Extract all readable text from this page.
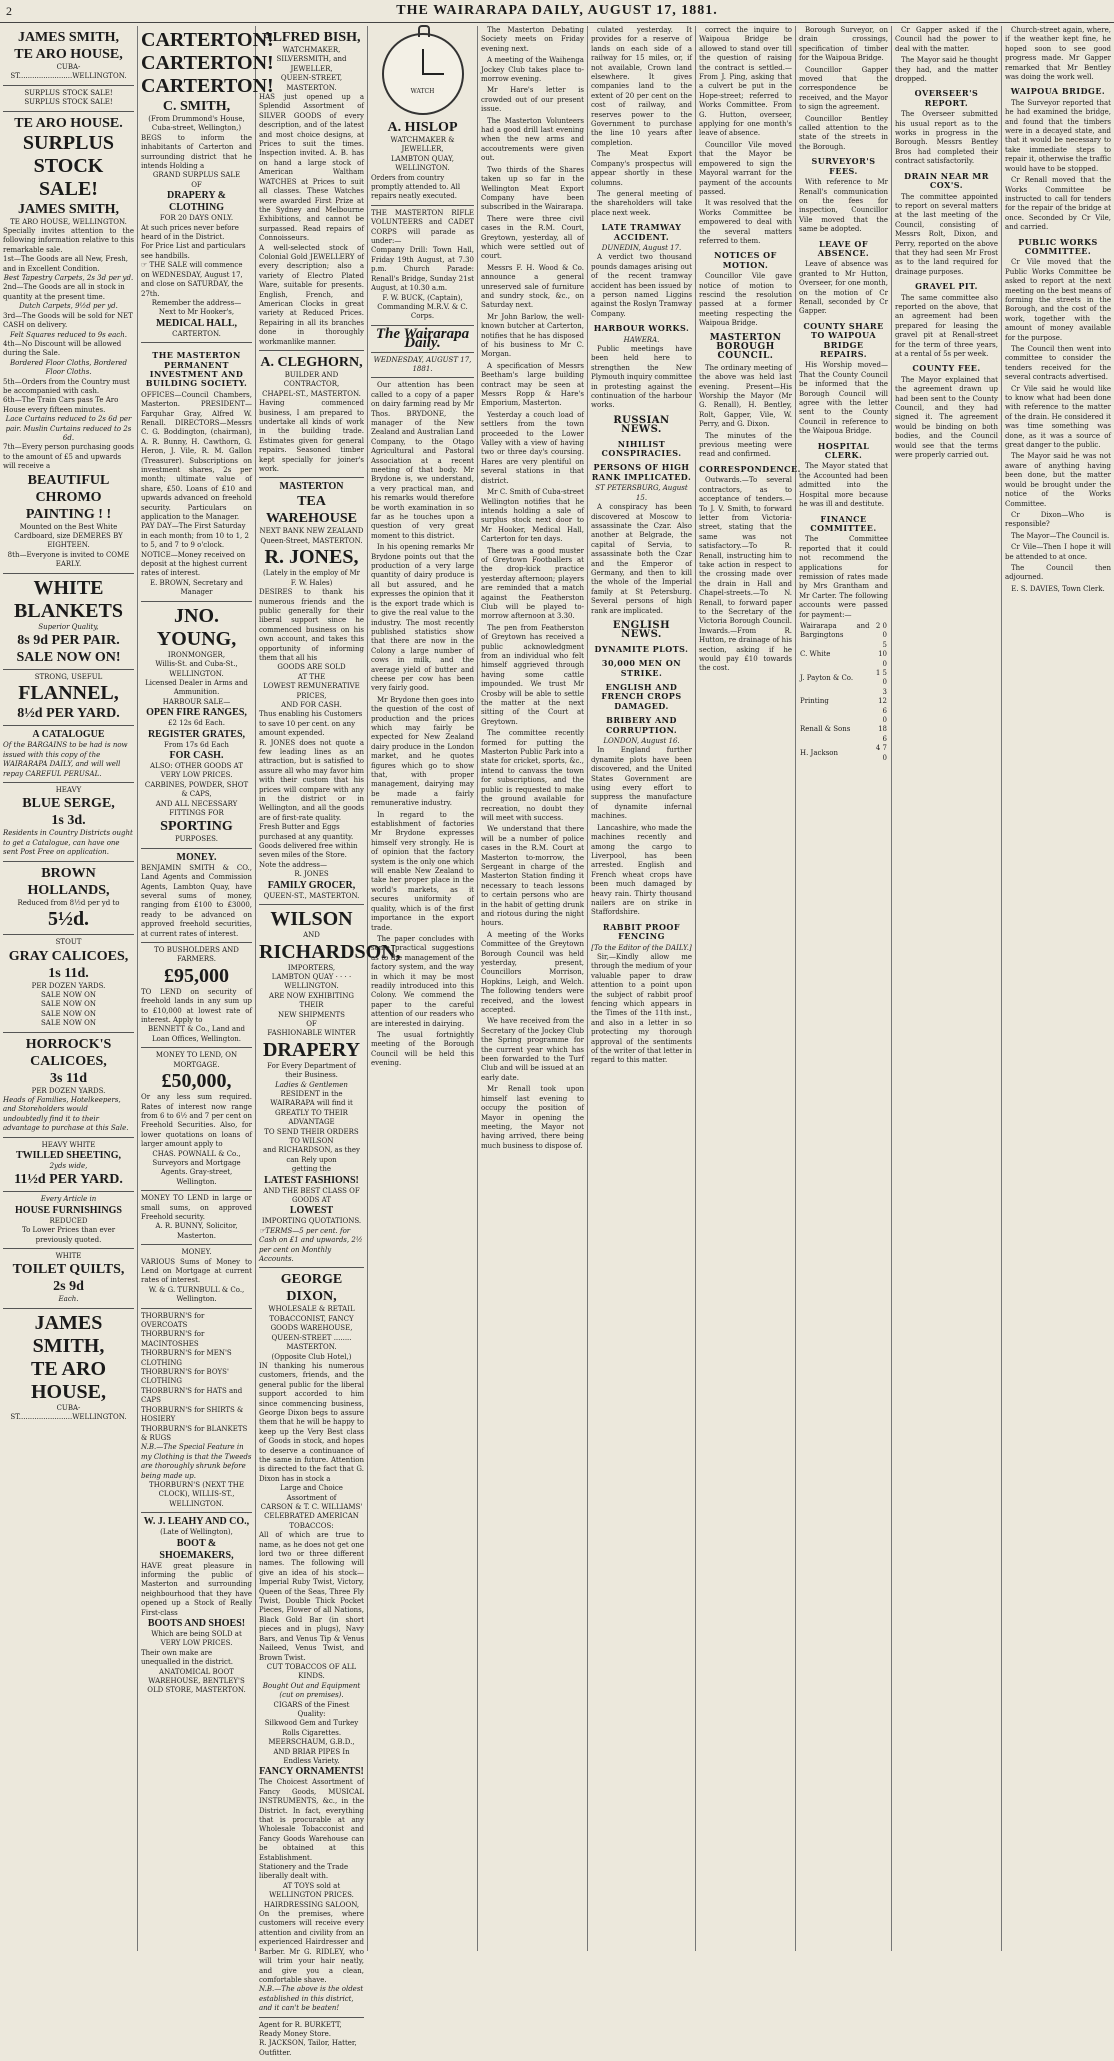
2	THE WAIRARAPA DAILY, AUGUST 17, 1881.
JAMES SMITH,
TE ARO HOUSE,
CUBA-ST........................WELLINGTON.
SURPLUS STOCK SALE!
SURPLUS STOCK SALE!
TE ARO HOUSE.
SURPLUS STOCK SALE!
JAMES SMITH,
TE ARO HOUSE, WELLINGTON.
Specially invites attention to the following information relative to this remarkable sale.
1st—The Goods are all New, Fresh, and in Excellent Condition.
Best Tapestry Carpets, 2s 3d per yd.
2nd—The Goods are all in stock in quantity at the present time.
Dutch Carpets, 9½d per yd.
3rd—The Goods will be sold for NET CASH on delivery.
Felt Squares reduced to 9s each.
4th—No Discount will be allowed during the Sale.
Bordered Floor Cloths, Bordered Floor Cloths.
5th—Orders from the Country must be accompanied with cash.
6th—The Train Cars pass Te Aro House every fifteen minutes.
Lace Curtains reduced to 2s 6d per pair. Muslin Curtains reduced to 2s 6d.
7th—Every person purchasing goods to the amount of £5 and upwards will receive a
BEAUTIFUL
CHROMO PAINTING ! !
Mounted on the Best White Cardboard, size DEMERES BY EIGHTEEN.
8th—Everyone is invited to COME EARLY.
WHITE BLANKETS
Superior Quality,
8s 9d PER PAIR.
SALE NOW ON!
STRONG, USEFUL
FLANNEL,
8½d PER YARD.
A CATALOGUE
Of the BARGAINS to be had is now issued with this copy of the WAIRARAPA DAILY, and will well repay CAREFUL PERUSAL.
HEAVY
BLUE SERGE,
1s 3d.
Residents in Country Districts ought to get a Catalogue, can have one sent Post Free on application.
BROWN HOLLANDS,
Reduced from 8½d per yd to
5½d.
STOUT
GRAY CALICOES,
1s 11d.
PER DOZEN YARDS.
SALE NOW ON
SALE NOW ON
SALE NOW ON
SALE NOW ON
HORROCK'S CALICOES,
3s 11d
PER DOZEN YARDS.
Heads of Families, Hotelkeepers, and Storeholders would undoubtedly find it to their advantage to purchase at this Sale.
HEAVY WHITE
TWILLED SHEETING,
2yds wide,
11½d PER YARD.
Every Article in
HOUSE FURNISHINGS
REDUCED
To Lower Prices than ever previously quoted.
WHITE
TOILET QUILTS,
2s 9d
Each.
JAMES SMITH,
TE ARO HOUSE,
CUBA-ST........................WELLINGTON.
CARTERTON!
CARTERTON!
CARTERTON!
C. SMITH,
(From Drummond's House, Cuba-street, Wellington,)
BEGS to inform the inhabitants of Carterton and surrounding district that he intends Holding a
GRAND SURPLUS SALE
OF
DRAPERY & CLOTHING
FOR 20 DAYS ONLY.
At such prices never before heard of in the District.
For Price List and particulars see handbills.
☞ THE SALE will commence on WEDNESDAY, August 17, and close on SATURDAY, the 27th.
Remember the address—
Next to Mr Hooker's,
MEDICAL HALL,
CARTERTON.
THE MASTERTON PERMANENT INVESTMENT AND BUILDING SOCIETY.
OFFICES—Council Chambers, Masterton. PRESIDENT—Farquhar Gray, Alfred W. Renall. DIRECTORS—Messrs C. G. Boddington, (chairman), A. R. Bunny, H. Cawthorn, G. Heron, J. Vile, R. M. Gallon (Treasurer). Subscriptions on investment shares, 2s per month; ultimate value of share, £50. Loans of £10 and upwards advanced on freehold security. Particulars on application to the Manager.
PAY DAY—The First Saturday in each month; from 10 to 1, 2 to 5, and 7 to 9 o'clock.
NOTICE—Money received on deposit at the highest current rates of interest.
E. BROWN, Secretary and Manager
JNO. YOUNG,
IRONMONGER,
Willis-St. and Cuba-St., WELLINGTON.
Licensed Dealer in Arms and Ammunition.
HARBOUR SALE—
OPEN FIRE RANGES,
£2 12s 6d Each.
REGISTER GRATES,
From 17s 6d Each
FOR CASH.
ALSO: OTHER GOODS AT VERY LOW PRICES.
CARBINES, POWDER, SHOT & CAPS,
AND ALL NECESSARY FITTINGS FOR
SPORTING
PURPOSES.
MONEY.
BENJAMIN SMITH & CO., Land Agents and Commission Agents, Lambton Quay, have several sums of money, ranging from £100 to £3000, ready to be advanced on approved freehold securities, at current rates of interest.
TO BUSHOLDERS AND FARMERS.
£95,000
TO LEND on security of freehold lands in any sum up to £10,000 at lowest rate of interest. Apply to
BENNETT & Co., Land and Loan Offices, Wellington.
MONEY TO LEND, ON MORTGAGE.
£50,000,
Or any less sum required. Rates of interest now range from 6 to 6½ and 7 per cent on Freehold Securities. Also, for lower quotations on loans of larger amount apply to
CHAS. POWNALL & Co., Surveyors and Mortgage Agents. Gray-street, Wellington.
MONEY TO LEND in large or small sums, on approved Freehold security.
A. R. BUNNY, Solicitor, Masterton.
MONEY.
VARIOUS Sums of Money to Lend on Mortgage at current rates of interest.
W. & G. TURNBULL & Co., Wellington.
THORBURN'S for OVERCOATS
THORBURN'S for MACINTOSHES
THORBURN'S for MEN'S CLOTHING
THORBURN'S for BOYS' CLOTHING
THORBURN'S for HATS and CAPS
THORBURN'S for SHIRTS & HOSIERY
THORBURN'S for BLANKETS & RUGS
N.B.—The Special Feature in my Clothing is that the Tweeds are thoroughly shrunk before being made up.
THORBURN'S (NEXT THE CLOCK), WILLIS-ST., WELLINGTON.
W. J. LEAHY AND CO.,
(Late of Wellington),
BOOT & SHOEMAKERS,
HAVE great pleasure in informing the public of Masterton and surrounding neighbourhood that they have opened up a Stock of Really First-class
BOOTS AND SHOES!
Which are being SOLD at VERY LOW PRICES.
Their own make are unequalled in the district.
ANATOMICAL BOOT WAREHOUSE, BENTLEY'S OLD STORE, MASTERTON.
ALFRED BISH,
WATCHMAKER,
SILVERSMITH, and
JEWELLER,
QUEEN-STREET, MASTERTON.
HAS just opened up a Splendid Assortment of SILVER GOODS of every description, and of the latest and most choice designs, at Prices to suit the times. Inspection invited. A. B. has on hand a large stock of American Waltham WATCHES at Prices to suit all classes. These Watches were awarded First Prize at the Sydney and Melbourne Exhibitions, and cannot be surpassed. Read repairs of Connoisseurs.
A well-selected stock of Colonial Gold JEWELLERY of every description; also a variety of Electro Plated Ware, suitable for presents. English, French, and American Clocks in great variety at Reduced Prices. Repairing in all its branches done in thoroughly workmanlike manner.
A. CLEGHORN,
BUILDER AND CONTRACTOR,
CHAPEL-ST., MASTERTON.
Having commenced business, I am prepared to undertake all kinds of work in the building trade. Estimates given for general repairs. Seasoned timber kept specially for joiner's work.
MASTERTON
TEA WAREHOUSE
NEXT BANK NEW ZEALAND Queen-Street, MASTERTON.
R. JONES,
(Lately in the employ of Mr F. W. Hales)
DESIRES to thank his numerous friends and the public generally for their liberal support since he commenced business on his own account, and takes this opportunity of informing them that all his
GOODS ARE SOLD
AT THE
LOWEST REMUNERATIVE PRICES,
AND FOR CASH.
Thus enabling his Customers to save 10 per cent. on any amount expended.
R. JONES does not quote a few leading lines as an attraction, but is satisfied to assure all who may favor him with their custom that his prices will compare with any in the district or in Wellington, and all the goods are of first-rate quality.
Fresh Butter and Eggs purchased at any quantity.
Goods delivered free within seven miles of the Store.
Note the address—
R. JONES
FAMILY GROCER,
QUEEN-ST., MASTERTON.
WILSON
AND
RICHARDSON,
IMPORTERS,
LAMBTON QUAY · · · · WELLINGTON.
ARE NOW EXHIBITING THEIR
NEW SHIPMENTS
OF
FASHIONABLE WINTER
DRAPERY
For Every Department of their Business.
Ladies & Gentlemen
RESIDENT in the WAIRARAPA will find it
GREATLY TO THEIR ADVANTAGE
TO SEND THEIR ORDERS TO WILSON
and RICHARDSON, as they can Rely upon
getting the
LATEST FASHIONS!
AND THE BEST CLASS OF GOODS AT
LOWEST
IMPORTING QUOTATIONS.
☞TERMS—5 per cent. for Cash on £1 and upwards, 2½ per cent on Monthly Accounts.
GEORGE DIXON,
WHOLESALE & RETAIL TOBACCONIST, FANCY GOODS WAREHOUSE,
QUEEN-STREET ........ MASTERTON.
(Opposite Club Hotel,)
IN thanking his numerous customers, friends, and the general public for the liberal support accorded to him since commencing business, George Dixon begs to assure them that he will be happy to keep up the Very Best class of Goods in stock, and hopes to deserve a continuance of the same in future. Attention is directed to the fact that G. Dixon has in stock a
Large and Choice Assortment of
CARSON & T. C. WILLIAMS'
CELEBRATED AMERICAN TOBACCOS:
All of which are true to name, as he does not get one lord two or three different names. The following will give an idea of his stock—Imperial Ruby Twist, Victory, Queen of the Seas, Three Fly Twist, Double Thick Pocket Pieces, Flower of all Nations, Black Gold Bar (in short pieces and in plugs), Navy Bars, and Venus Tip & Venus Naileed, Venus Twist, and Brown Twist.
CUT TOBACCOS OF ALL KINDS.
Bought Out and Equipment (cut on premises).
CIGARS of the Finest Quality:
Silkwood Gem and Turkey Rolls Cigarettes.
MEERSCHAUM, G.B.D., AND BRIAR PIPES In Endless Variety.
FANCY ORNAMENTS!
The Choicest Assortment of Fancy Goods, MUSICAL INSTRUMENTS, &c., in the District. In fact, everything that is procurable at any Wholesale Tobacconist and Fancy Goods Warehouse can be obtained at this Establishment.
Stationery and the Trade liberally dealt with.
AT TOYS sold at WELLINGTON PRICES.
HAIRDRESSING SALOON,
On the premises, where customers will receive every attention and civility from an experienced Hairdresser and Barber. Mr G. RIDLEY, who will trim your hair neatly, and give you a clean, comfortable shave.
N.B.—The above is the oldest established in this district, and it can't be beaten!
Agent for R. BURKETT, Ready Money Store.
R. JACKSON, Tailor, Hatter, Outfitter.
WATCH
A. HISLOP
WATCHMAKER & JEWELLER,
LAMBTON QUAY, WELLINGTON.
Orders from country promptly attended to. All repairs neatly executed.
THE MASTERTON RIFLE VOLUNTEERS and CADET CORPS will parade as under:—
Company Drill: Town Hall, Friday 19th August, at 7.30 p.m. Church Parade: Renall's Bridge, Sunday 21st August, at 10.30 a.m.
F. W. BUCK, (Captain), Commanding M.R.V. & C. Corps.
The Wairarapa Daily.
WEDNESDAY, AUGUST 17, 1881.

Our attention has been called to a copy of a paper on dairy farming read by Mr Thos. BRYDONE, the manager of the New Zealand and Australian Land Company, to the Otago Agricultural and Pastoral Association at a recent meeting of that body. Mr Brydone is, we understand, a very practical man, and his remarks would therefore be worth examination in so far as he touches upon a question of very great moment to this district.

In his opening remarks Mr Brydone points out that the production of a very large quantity of dairy produce is all but assured, and he expresses the opinion that it is the export trade which is to give the real value to the industry. The most recently published statistics show that there are now in the Colony a large number of cows in milk, and the average yield of butter and cheese per cow has been very fairly good.

Mr Brydone then goes into the question of the cost of production and the prices which may fairly be expected for New Zealand dairy produce in the London market, and he quotes figures which go to show that, with proper management, dairying may be made a fairly remunerative industry.

In regard to the establishment of factories Mr Brydone expresses himself very strongly. He is of opinion that the factory system is the only one which will enable New Zealand to take her proper place in the world's markets, as it secures uniformity of quality, which is of the first importance in the export trade.

The paper concludes with some practical suggestions as to the management of the factory system, and the way in which it may be most readily introduced into this Colony. We commend the paper to the careful attention of our readers who are interested in dairying.

The usual fortnightly meeting of the Borough Council will be held this evening.

The Masterton Debating Society meets on Friday evening next.

A meeting of the Waihenga Jockey Club takes place to-morrow evening.

Mr Hare's letter is crowded out of our present issue.

The Masterton Volunteers had a good drill last evening when the new arms and accoutrements were given out.

Two thirds of the Shares taken up so far in the Wellington Meat Export Company have been subscribed in the Wairarapa.

There were three civil cases in the R.M. Court, Greytown, yesterday, all of which were settled out of court.

Messrs F. H. Wood & Co. announce a general unreserved sale of furniture and sundry stock, &c., on Saturday next.

Mr John Barlow, the well-known butcher at Carterton, notifies that he has disposed of his business to Mr C. Morgan.

A specification of Messrs Beetham's large building contract may be seen at Messrs Ropp & Hare's Emporium, Masterton.

Yesterday a couch load of settlers from the town proceeded to the Lower Valley with a view of having two or three day's coursing. Hares are very plentiful on several stations in that district.

Mr C. Smith of Cuba-street Wellington notifies that he intends holding a sale of surplus stock next door to Mr Hooker, Medical Hall, Carterton for ten days.

There was a good muster of Greytown Footballers at the drop-kick practice yesterday afternoon; players are reminded that a match against the Featherston Club will be played to-morrow afternoon at 3.30.

The pen from Featherston of Greytown has received a public acknowledgment from an individual who felt himself aggrieved through having some cattle impounded. We trust Mr Crosby will be able to settle the matter at the next sitting of the Court at Greytown.

The committee recently formed for putting the Masterton Public Park into a state for cricket, sports, &c., intend to canvass the town for subscriptions, and the public is requested to make the ground available for recreation, no doubt they will meet with success.

We understand that there will be a number of police cases in the R.M. Court at Masterton to-morrow, the Sergeant in charge of the Masterton Station finding it necessary to teach lessons to certain persons who are in the habit of getting drunk and riotous during the night hours.

A meeting of the Works Committee of the Greytown Borough Council was held yesterday, present, Councillors Morrison, Hopkins, Leigh, and Welch. The following tenders were received, and the lowest accepted.

We have received from the Secretary of the Jockey Club the Spring programme for the current year which has been forwarded to the Turf Club and will be issued at an early date.

Mr Renall took upon himself last evening to occupy the position of Mayor in opening the meeting, the Mayor not having arrived, there being much business to dispose of.

culated yesterday. It provides for a reserve of lands on each side of a railway for 15 miles, or, if not available, Crown land elsewhere. It gives companies land to the extent of 20 per cent on the cost of railway, and reserves power to the Government to purchase the line 10 years after completion.

The Meat Export Company's prospectus will appear shortly in these columns.

The general meeting of the shareholders will take place next week.

LATE TRAMWAY ACCIDENT.
DUNEDIN, August 17.

A verdict two thousand pounds damages arising out of the recent tramway accident has been issued by a person named Liggins against the Roslyn Tramway Company.

HARBOUR WORKS.
HAWERA.

Public meetings have been held here to strengthen the New Plymouth inquiry committee in protesting against the continuation of the harbour works.

RUSSIAN NEWS.
NIHILIST CONSPIRACIES.
PERSONS OF HIGH RANK IMPLICATED.
ST PETERSBURG, August 15.

A conspiracy has been discovered at Moscow to assassinate the Czar. Also another at Belgrade, the capital of Servia, to assassinate both the Czar and the Emperor of Germany, and then to kill the whole of the Imperial family at St Petersburg. Several persons of high rank are implicated.

ENGLISH NEWS.
DYNAMITE PLOTS.
30,000 MEN ON STRIKE.
ENGLISH AND FRENCH CROPS DAMAGED.
BRIBERY AND CORRUPTION.
LONDON, August 16.

In England further dynamite plots have been discovered, and the United States Government are using every effort to suppress the manufacture of dynamite infernal machines.

Lancashire, who made the machines recently and among the cargo to Liverpool, has been arrested. English and French wheat crops have been much damaged by heavy rain. Thirty thousand nailers are on strike in Staffordshire.

RABBIT PROOF FENCING
[To the Editor of the DAILY.]

Sir,—Kindly allow me through the medium of your valuable paper to draw attention to a point upon the subject of rabbit proof fencing which appears in the Times of the 11th inst., and also in a letter in so protecting my thorough approval of the sentiments of the writer of that letter in regard to this matter.

correct the inquire to Waipoua Bridge be allowed to stand over till the question of raising the contract is settled.—From J. Ping, asking that a culvert be put in the Hope-street; referred to Works Committee. From G. Hutton, overseer, applying for one month's leave of absence.

Councillor Vile moved that the Mayor be empowered to sign the Mayoral warrant for the payment of the accounts passed.

It was resolved that the Works Committee be empowered to deal with the several matters referred to them.

NOTICES OF MOTION.

Councillor Vile gave notice of motion to rescind the resolution passed at a former meeting respecting the Waipoua Bridge.

MASTERTON BOROUGH COUNCIL.

The ordinary meeting of the above was held last evening. Present—His Worship the Mayor (Mr G. Renall), H. Bentley, Rolt, Gapper, Vile, W. Perry, and G. Dixon.

The minutes of the previous meeting were read and confirmed.

CORRESPONDENCE.

Outwards.—To several contractors, as to acceptance of tenders.—To J. V. Smith, to forward letter from Victoria-street, stating that the same was not satisfactory.—To R. Renall, instructing him to take action in respect to the crossing made over the drain in Hall and Chapel-streets.—To N. Renall, to forward paper to the Secretary of the Victoria Borough Council. Inwards.—From R. Hutton, re drainage of his section, asking if he would pay £10 towards the cost.

Borough Surveyor, on drain crossings, specification of timber for the Waipoua Bridge.

Councillor Gapper moved that the correspondence be received, and the Mayor to sign the agreement.

Councillor Bentley called attention to the state of the streets in the Borough.

SURVEYOR'S FEES.

With reference to Mr Renall's communication on the fees for inspection, Councillor Vile moved that the same be adopted.

LEAVE OF ABSENCE.

Leave of absence was granted to Mr Hutton, Overseer, for one month, on the motion of Cr Renall, seconded by Cr Gapper.

COUNTY SHARE TO WAIPOUA BRIDGE REPAIRS.

His Worship moved—That the County Council be informed that the Borough Council will agree with the letter sent to the County Council in reference to the Waipoua Bridge.

HOSPITAL CLERK.

The Mayor stated that the Accounted had been admitted into the Hospital more because he was ill and destitute.

FINANCE COMMITTEE.

The Committee reported that it could not recommend the applications for remission of rates made by Mrs Grantham and Mr Carter. The following accounts were passed for payment:—

Wairarapa and Bargingtons	2 0 0
C. White	5 10 0
J. Payton & Co.	1 5 0
Printing	3 12 6
Renall & Sons	0 18 6
H. Jackson	4 7 0

Cr Gapper asked if the Council had the power to deal with the matter.

The Mayor said he thought they had, and the matter dropped.

OVERSEER'S REPORT.

The Overseer submitted his usual report as to the works in progress in the Borough. Messrs Bentley Bros had completed their contract satisfactorily.

DRAIN NEAR MR COX'S.

The committee appointed to report on several matters at the last meeting of the Council, consisting of Messrs Rolt, Dixon, and Perry, reported on the above that they had seen Mr Frost as to the land required for drainage purposes.

GRAVEL PIT.

The same committee also reported on the above, that an agreement had been prepared for leasing the gravel pit at Renall-street for the term of three years, at a rental of 5s per week.

COUNTY FEE.

The Mayor explained that the agreement drawn up had been sent to the County Council, and they had signed it. The agreement would be binding on both bodies, and the Council would see that the terms were properly carried out.

Church-street again, where, if the weather kept fine, he hoped soon to see good progress made. Mr Gapper remarked that Mr Bentley was doing the work well.

WAIPOUA BRIDGE.

The Surveyor reported that he had examined the bridge, and found that the timbers were in a decayed state, and that it would be necessary to take immediate steps to repair it, otherwise the traffic would have to be stopped.

Cr Renall moved that the Works Committee be instructed to call for tenders for the repair of the bridge at once. Seconded by Cr Vile, and carried.

PUBLIC WORKS COMMITTEE.

Cr Vile moved that the Public Works Committee be asked to report at the next meeting on the best means of forming the streets in the Borough, and the cost of the work, together with the amount of money available for the purpose.

The Council then went into committee to consider the tenders received for the several contracts advertised.

Cr Vile said he would like to know what had been done with reference to the matter of the drain. He considered it was time something was done, as it was a source of great danger to the public.

The Mayor said he was not aware of anything having been done, but the matter would be brought under the notice of the Works Committee.

Cr Dixon—Who is responsible?

The Mayor—The Council is.

Cr Vile—Then I hope it will be attended to at once.

The Council then adjourned.

E. S. DAVIES, Town Clerk.
